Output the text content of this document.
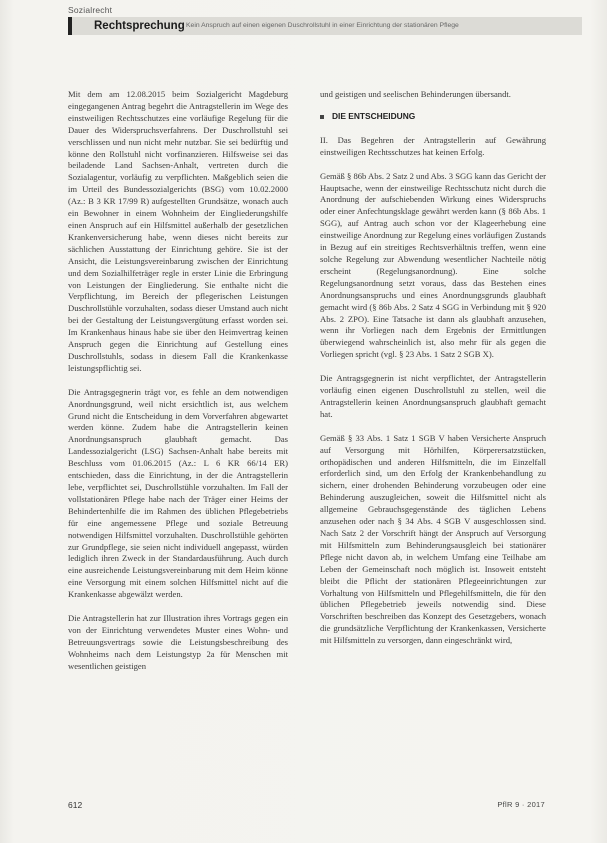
Sozialrecht
Rechtsprechung Kein Anspruch auf einen eigenen Duschrollstuhl in einer Einrichtung der stationären Pflege

Mit dem am 12.08.2015 beim Sozialgericht Magdeburg eingegangenen Antrag begehrt die Antragstellerin im Wege des einstweiligen Rechtsschutzes eine vorläufige Regelung für die Dauer des Widerspruchsverfahrens. Der Duschrollstuhl sei verschlissen und nun nicht mehr nutzbar. Sie sei bedürftig und könne den Rollstuhl nicht vorfinanzieren. Hilfsweise sei das beiladende Land Sachsen-Anhalt, vertreten durch die Sozialagentur, vorläufig zu verpflichten. Maßgeblich seien die im Urteil des Bundessozialgerichts (BSG) vom 10.02.2000 (Az.: B 3 KR 17/99 R) aufgestellten Grundsätze, wonach auch ein Bewohner in einem Wohnheim der Eingliederungshilfe einen Anspruch auf ein Hilfsmittel außerhalb der gesetzlichen Krankenversicherung habe, wenn dieses nicht bereits zur sächlichen Ausstattung der Einrichtung gehöre. Sie ist der Ansicht, die Leistungsvereinbarung zwischen der Einrichtung und dem Sozialhilfeträger regle in erster Linie die Erbringung von Leistungen der Eingliederung. Sie enthalte nicht die Verpflichtung, im Bereich der pflegerischen Leistungen Duschrollstühle vorzuhalten, sodass dieser Umstand auch nicht bei der Gestaltung der Leistungsvergütung erfasst worden sei. Im Krankenhaus hinaus habe sie über den Heimvertrag keinen Anspruch gegen die Einrichtung auf Gestellung eines Duschrollstuhls, sodass in diesem Fall die Krankenkasse leistungspflichtig sei.

Die Antragsgegnerin trägt vor, es fehle an dem notwendigen Anordnungsgrund, weil nicht ersichtlich ist, aus welchem Grund nicht die Entscheidung in dem Vorverfahren abgewartet werden könne. Zudem habe die Antragstellerin keinen Anordnungsanspruch glaubhaft gemacht. Das Landessozialgericht (LSG) Sachsen-Anhalt habe bereits mit Beschluss vom 01.06.2015 (Az.: L 6 KR 66/14 ER) entschieden, dass die Einrichtung, in der die Antragstellerin lebe, verpflichtet sei, Duschrollstühle vorzuhalten. Im Fall der vollstationären Pflege habe nach der Träger einer Heims der Behindertenhilfe die im Rahmen des üblichen Pflegebetriebs für eine angemessene Pflege und soziale Betreuung notwendigen Hilfsmittel vorzuhalten. Duschrollstühle gehörten zur Grundpflege, sie seien nicht individuell angepasst, würden lediglich ihren Zweck in der Standardausführung. Auch durch eine ausreichende Leistungsvereinbarung mit dem Heim könne eine Versorgung mit einem solchen Hilfsmittel nicht auf die Krankenkasse abgewälzt werden.

Die Antragstellerin hat zur Illustration ihres Vortrags gegen ein von der Einrichtung verwendetes Muster eines Wohn- und Betreuungsvertrags sowie die Leistungsbeschreibung des Wohnheims nach dem Leistungstyp 2a für Menschen mit wesentlichen geistigen

und geistigen und seelischen Behinderungen übersandt.

DIE ENTSCHEIDUNG

II. Das Begehren der Antragstellerin auf Gewährung einstweiligen Rechtsschutzes hat keinen Erfolg.

Gemäß § 86b Abs. 2 Satz 2 und Abs. 3 SGG kann das Gericht der Hauptsache, wenn der einstweilige Rechtsschutz nicht durch die Anordnung der aufschiebenden Wirkung eines Widerspruchs oder einer Anfechtungsklage gewährt werden kann (§ 86b Abs. 1 SGG), auf Antrag auch schon vor der Klageerhebung eine einstweilige Anordnung zur Regelung eines vorläufigen Zustands in Bezug auf ein streitiges Rechtsverhältnis treffen, wenn eine solche Regelung zur Abwendung wesentlicher Nachteile nötig erscheint (Regelungsanordnung). Eine solche Regelungsanordnung setzt voraus, dass das Bestehen eines Anordnungsanspruchs und eines Anordnungsgrunds glaubhaft gemacht wird (§ 86b Abs. 2 Satz 4 SGG in Verbindung mit § 920 Abs. 2 ZPO). Eine Tatsache ist dann als glaubhaft anzusehen, wenn ihr Vorliegen nach dem Ergebnis der Ermittlungen überwiegend wahrscheinlich ist, also mehr für als gegen die Vorliegen spricht (vgl. § 23 Abs. 1 Satz 2 SGB X).

Die Antragsgegnerin ist nicht verpflichtet, der Antragstellerin vorläufig einen eigenen Duschrollstuhl zu stellen, weil die Antragstellerin keinen Anordnungsanspruch glaubhaft gemacht hat.

Gemäß § 33 Abs. 1 Satz 1 SGB V haben Versicherte Anspruch auf Versorgung mit Hörhilfen, Körperersatzstücken, orthopädischen und anderen Hilfsmitteln, die im Einzelfall erforderlich sind, um den Erfolg der Krankenbehandlung zu sichern, einer drohenden Behinderung vorzubeugen oder eine Behinderung auszugleichen, soweit die Hilfsmittel nicht als allgemeine Gebrauchsgegenstände des täglichen Lebens anzusehen oder nach § 34 Abs. 4 SGB V ausgeschlossen sind. Nach Satz 2 der Vorschrift hängt der Anspruch auf Versorgung mit Hilfsmitteln zum Behinderungsausgleich bei stationärer Pflege nicht davon ab, in welchem Umfang eine Teilhabe am Leben der Gemeinschaft noch möglich ist. Insoweit entsteht bleibt die Pflicht der stationären Pflegeeinrichtungen zur Vorhaltung von Hilfsmitteln und Pflegehilfsmitteln, die für den üblichen Pflegebetrieb jeweils notwendig sind. Diese Vorschriften beschreiben das Konzept des Gesetzgebers, wonach die grundsätzliche Verpflichtung der Krankenkassen, Versicherte mit Hilfsmitteln zu versorgen, dann eingeschränkt wird,

612	PflR 9 · 2017
